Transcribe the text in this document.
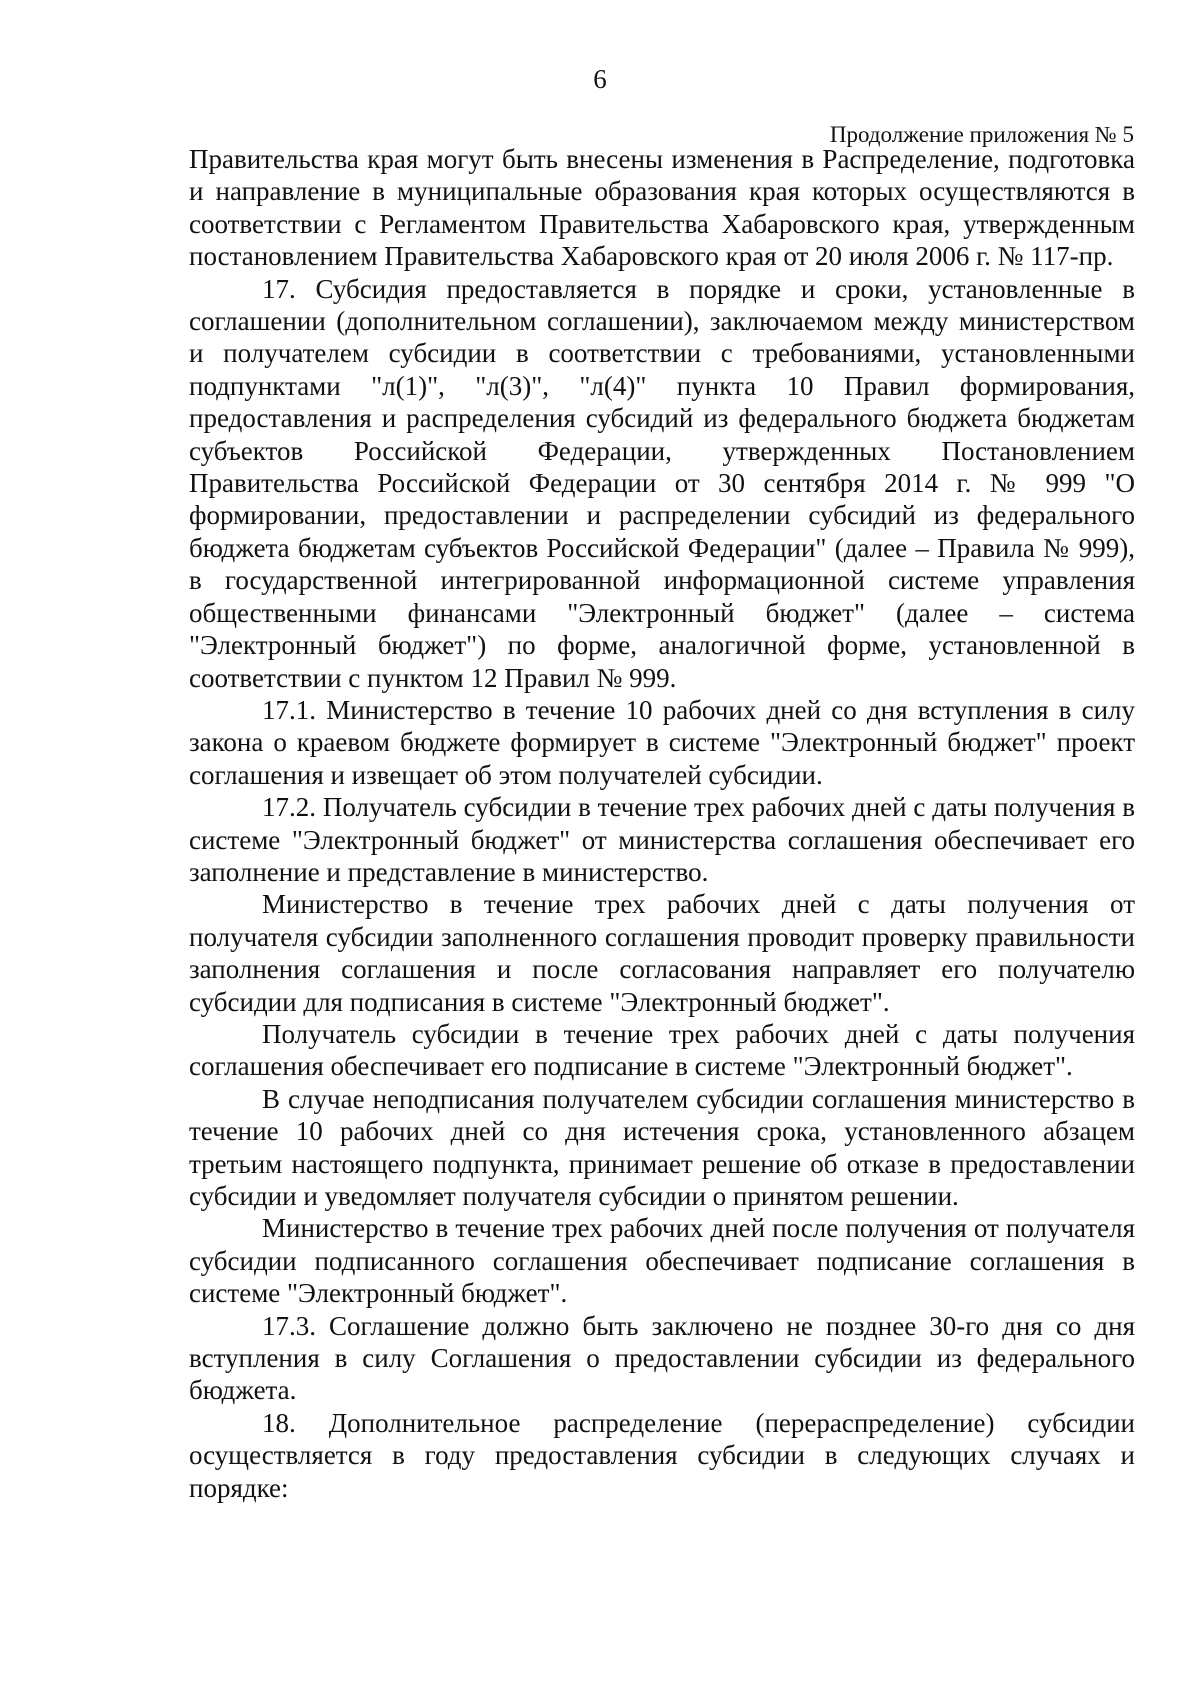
6
Продолжение приложения № 5

Правительства края могут быть внесены изменения в Распределение, подготовка и направление в муниципальные образования края которых осуществляются в соответствии с Регламентом Правительства Хабаровского края, утвержденным постановлением Правительства Хабаровского края от 20 июля 2006 г. № 117-пр.

17. Субсидия предоставляется в порядке и сроки, установленные в соглашении (дополнительном соглашении), заключаемом между министерством и получателем субсидии в соответствии с требованиями, установленными подпунктами "л(1)", "л(3)", "л(4)" пункта 10 Правил формирования, предоставления и распределения субсидий из федерального бюджета бюджетам субъектов Российской Федерации, утвержденных Постановлением Правительства Российской Федерации от 30 сентября 2014 г. № 999 "О формировании, предоставлении и распределении субсидий из федерального бюджета бюджетам субъектов Российской Федерации" (далее – Правила № 999), в государственной интегрированной информационной системе управления общественными финансами "Электронный бюджет" (далее – система "Электронный бюджет") по форме, аналогичной форме, установленной в соответствии с пунктом 12 Правил № 999.

17.1. Министерство в течение 10 рабочих дней со дня вступления в силу закона о краевом бюджете формирует в системе "Электронный бюджет" проект соглашения и извещает об этом получателей субсидии.

17.2. Получатель субсидии в течение трех рабочих дней с даты получения в системе "Электронный бюджет" от министерства соглашения обеспечивает его заполнение и представление в министерство.

Министерство в течение трех рабочих дней с даты получения от получателя субсидии заполненного соглашения проводит проверку правильности заполнения соглашения и после согласования направляет его получателю субсидии для подписания в системе "Электронный бюджет".

Получатель субсидии в течение трех рабочих дней с даты получения соглашения обеспечивает его подписание в системе "Электронный бюджет".

В случае неподписания получателем субсидии соглашения министерство в течение 10 рабочих дней со дня истечения срока, установленного абзацем третьим настоящего подпункта, принимает решение об отказе в предоставлении субсидии и уведомляет получателя субсидии о принятом решении.

Министерство в течение трех рабочих дней после получения от получателя субсидии подписанного соглашения обеспечивает подписание соглашения в системе "Электронный бюджет".

17.3. Соглашение должно быть заключено не позднее 30-го дня со дня вступления в силу Соглашения о предоставлении субсидии из федерального бюджета.

18. Дополнительное распределение (перераспределение) субсидии осуществляется в году предоставления субсидии в следующих случаях и порядке:
